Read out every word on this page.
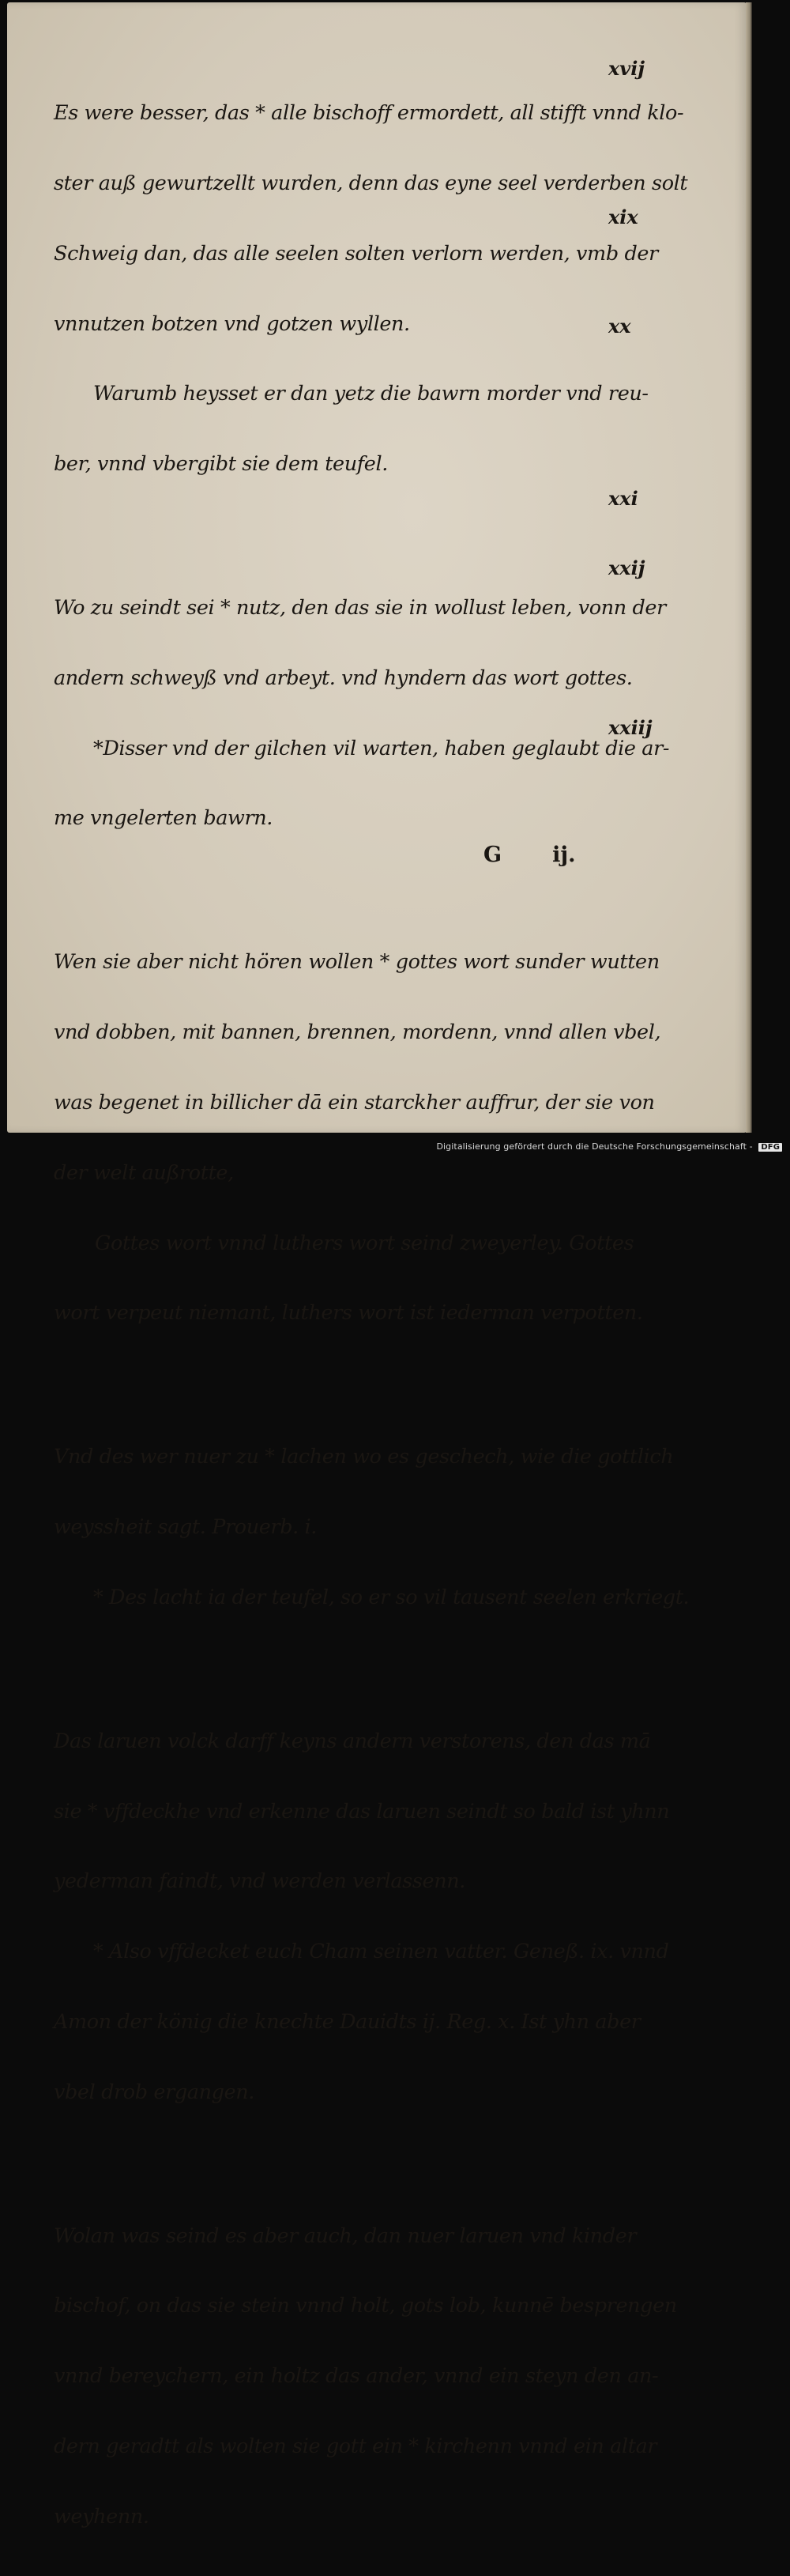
Es were besser, das * alle bischoff ermordett, all stifft vnnd klo-

ster auß gewurtzellt wurden, denn das eyne seel verderben solt

Schweig dan, das alle seelen solten verlorn werden, vmb der

vnnutzen botzen vnd gotzen wyllen.

Warumb heysset er dan yetz die bawrn morder vnd reu-

ber, vnnd vbergibt sie dem teufel.

Wo zu seindt sei * nutz, den das sie in wollust leben, vonn der

andern schweyß vnd arbeyt. vnd hyndern das wort gottes.

*Disser vnd der gilchen vil warten, haben geglaubt die ar-

me vngelerten bawrn.

Wen sie aber nicht hören wollen * gottes wort sunder wutten

vnd dobben, mit bannen, brennen, mordenn, vnnd allen vbel,

was begenet in billicher dā ein starckher auffrur, der sie von

der welt außrotte,

Gottes wort vnnd luthers wort seind zweyerley. Gottes

wort verpeut niemant, luthers wort ist iederman verpotten.

Vnd des wer nuer zu * lachen wo es geschech, wie die gottlich

weyssheit sagt. Prouerb. i.

* Des lacht ia der teufel, so er so vil tausent seelen erkriegt.

Das laruen volck darff keyns andern verstorens, den das mā

sie * vffdeckhe vnd erkenne das laruen seindt so bald ist yhnn

yederman faindt, vnd werden verlassenn.

* Also vffdecket euch Cham seinen vatter. Geneß. ix. vnnd

Amon der könig die knechte Dauidts ij. Reg. x. Ist yhn aber

vbel drob ergangen.

Wolan was seind es aber auch, dan nuer laruen vnd kinder

bischof, on das sie stein vnnd holt, gots lob, kunnē besprengen

vnnd bereychern, ein holtz das ander, vnnd ein steyn den an-

dern geradtt als wolten sie gott ein * kirchenn vnnd ein altar

weyhenn.

xvij
xix
xx
xxi
xxij
xxiij
G ij.
Digitalisierung gefördert durch die Deutsche Forschungsgemeinschaft - DFG
